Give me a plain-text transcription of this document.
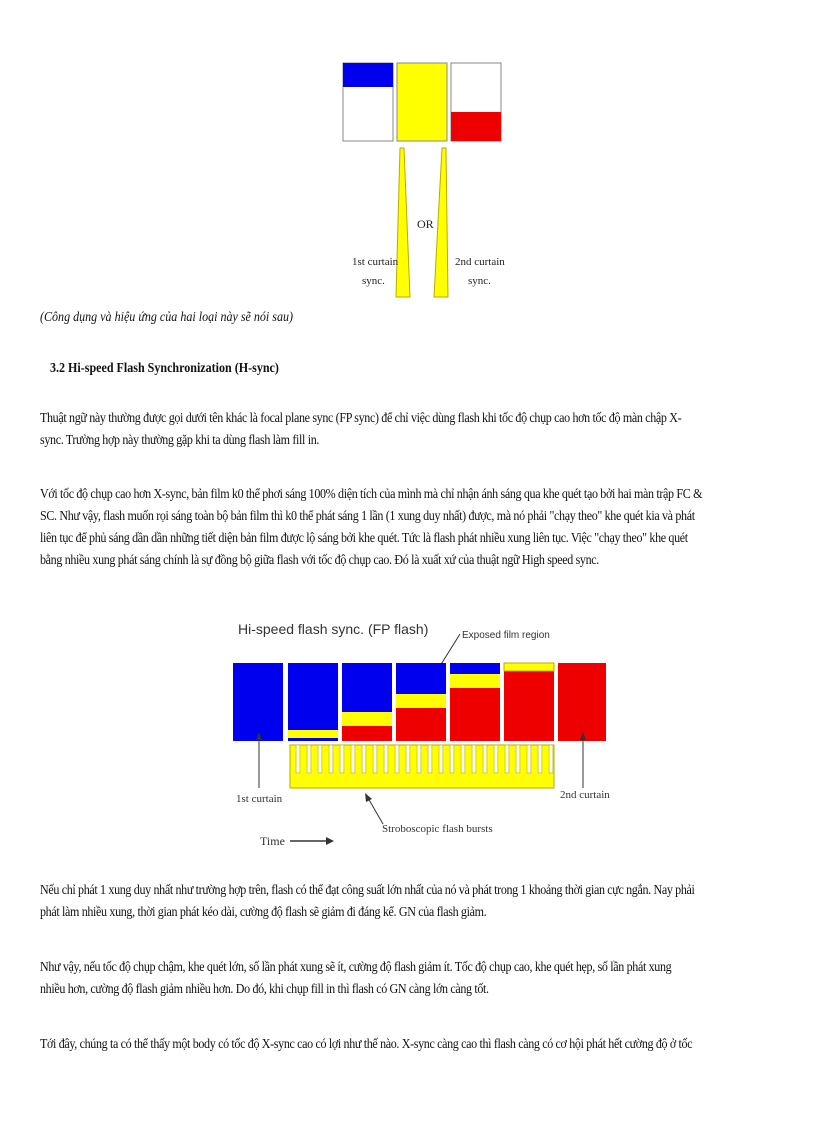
OR
1st curtain
sync.
2nd curtain
sync.
(Công dụng và hiệu ứng của hai loại này sẽ nói sau)
3.2 Hi-speed Flash Synchronization (H-sync)
Thuật ngữ này thường được gọi dưới tên khác là focal plane sync (FP sync) để chỉ việc dùng flash khi tốc độ chụp cao hơn tốc độ màn chập X-
sync. Trường hợp này thường gặp khi ta dùng flash làm fill in.
Với tốc độ chụp cao hơn X-sync, bản film k0 thể phơi sáng 100% diện tích của mình mà chỉ nhận ánh sáng qua khe quét tạo bởi hai màn trập FC &
SC. Như vậy, flash muốn rọi sáng toàn bộ bản film thì k0 thể phát sáng 1 lần (1 xung duy nhất) được, mà nó phải "chạy theo" khe quét kia và phát
liên tục để phủ sáng dần dần những tiết diện bản film được lộ sáng bởi khe quét. Tức là flash phát nhiều xung liên tục. Việc "chạy theo" khe quét
bằng nhiều xung phát sáng chính là sự đồng bộ giữa flash với tốc độ chụp cao. Đó là xuất xứ của thuật ngữ High speed sync.
Hi-speed flash sync. (FP flash)	Exposed film region
1st curtain	2nd curtain
Stroboscopic flash bursts
Time
Nếu chỉ phát 1 xung duy nhất như trường hợp trên, flash có thể đạt công suất lớn nhất của nó và phát trong 1 khoảng thời gian cực ngắn. Nay phải
phát làm nhiều xung, thời gian phát kéo dài, cường độ flash sẽ giảm đi đáng kể. GN của flash giảm.
Như vậy, nếu tốc độ chụp chậm, khe quét lớn, số lần phát xung sẽ ít, cường độ flash giảm ít. Tốc độ chụp cao, khe quét hẹp, số lần phát xung
nhiều hơn, cường độ flash giảm nhiều hơn. Do đó, khi chụp fill in thì flash có GN càng lớn càng tốt.
Tới đây, chúng ta có thể thấy một body có tốc độ X-sync cao có lợi như thế nào. X-sync càng cao thì flash càng có cơ hội phát hết cường độ ở tốc
